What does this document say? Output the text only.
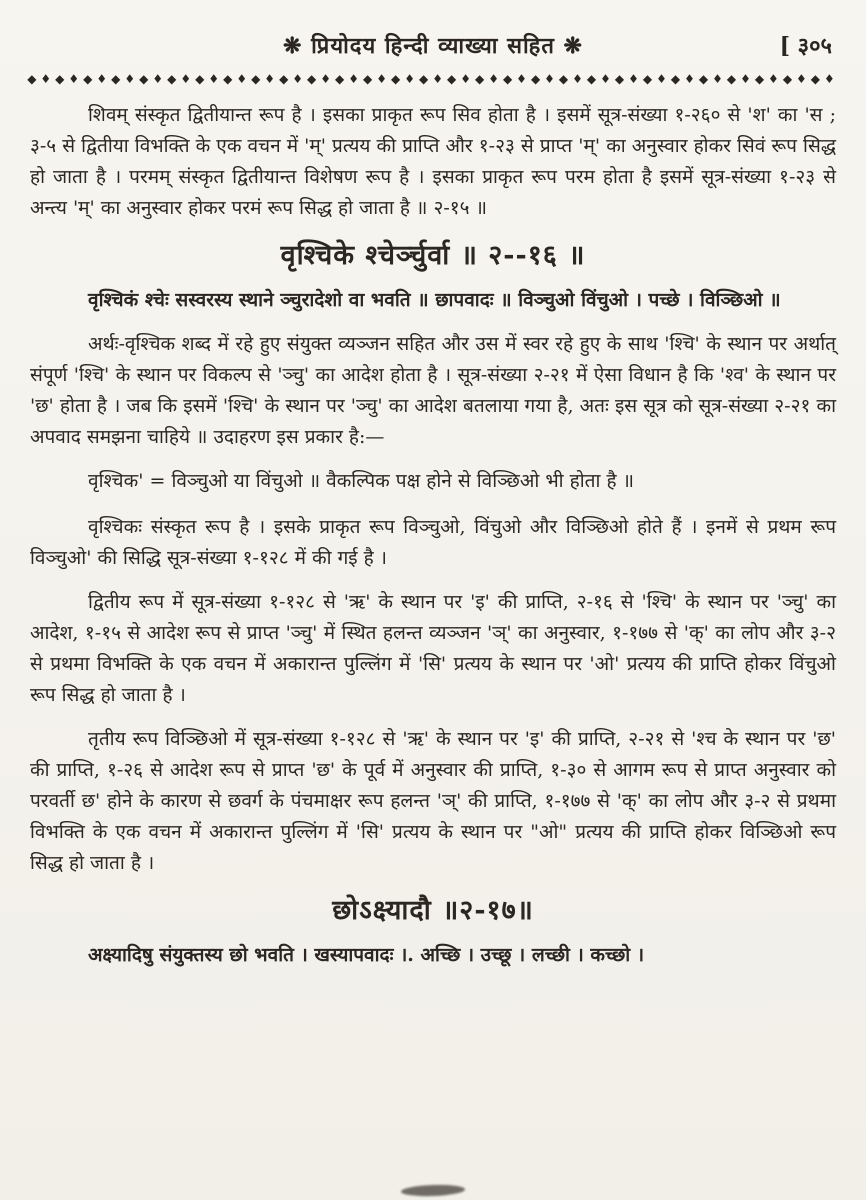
❋ प्रियोदय हिन्दी व्याख्या सहित ❋	[ ३०५
◆♦◆♦◆♦◆♦◆♦◆♦◆♦◆♦◆♦◆♦◆♦◆♦◆♦◆♦◆♦◆♦◆♦◆♦◆♦◆♦◆♦◆♦◆♦◆♦◆♦◆♦◆♦◆♦◆♦

शिवम् संस्कृत द्वितीयान्त रूप है । इसका प्राकृत रूप सिव होता है । इसमें सूत्र-संख्या १-२६० से 'श' का 'स ; ३-५ से द्वितीया विभक्ति के एक वचन में 'म्' प्रत्यय की प्राप्ति और १-२३ से प्राप्त 'म्' का अनुस्वार होकर सिवं रूप सिद्ध हो जाता है । परमम् संस्कृत द्वितीयान्त विशेषण रूप है । इसका प्राकृत रूप परम होता है इसमें सूत्र-संख्या १-२३ से अन्त्य 'म्' का अनुस्वार होकर परमं रूप सिद्ध हो जाता है ॥ २-१५ ॥

वृश्चिके श्चेर्ञ्चुर्वा ॥ २--१६ ॥

वृश्चिकं श्चेः सस्वरस्य स्थाने ञ्चुरादेशो वा भवति ॥ छापवादः ॥ विञ्चुओ विंचुओ । पच्छे । विञ्छिओ ॥

अर्थः-वृश्चिक शब्द में रहे हुए संयुक्त व्यञ्जन सहित और उस में स्वर रहे हुए के साथ 'श्चि' के स्थान पर अर्थात् संपूर्ण 'श्चि' के स्थान पर विकल्प से 'ञ्चु' का आदेश होता है । सूत्र-संख्या २-२१ में ऐसा विधान है कि 'श्व' के स्थान पर 'छ' होता है । जब कि इसमें 'श्चि' के स्थान पर 'ञ्चु' का आदेश बतलाया गया है, अतः इस सूत्र को सूत्र-संख्या २-२१ का अपवाद समझना चाहिये ॥ उदाहरण इस प्रकार है:—

वृश्चिक' = विञ्चुओ या विंचुओ ॥ वैकल्पिक पक्ष होने से विञ्छिओ भी होता है ॥

वृश्चिकः संस्कृत रूप है । इसके प्राकृत रूप विञ्चुओ, विंचुओ और विञ्छिओ होते हैं । इनमें से प्रथम रूप विञ्चुओ' की सिद्धि सूत्र-संख्या १-१२८ में की गई है ।

द्वितीय रूप में सूत्र-संख्या १-१२८ से 'ऋ' के स्थान पर 'इ' की प्राप्ति, २-१६ से 'श्चि' के स्थान पर 'ञ्चु' का आदेश, १-१५ से आदेश रूप से प्राप्त 'ञ्चु' में स्थित हलन्त व्यञ्जन 'ञ्' का अनुस्वार, १-१७७ से 'क्' का लोप और ३-२ से प्रथमा विभक्ति के एक वचन में अकारान्त पुल्लिंग में 'सि' प्रत्यय के स्थान पर 'ओ' प्रत्यय की प्राप्ति होकर विंचुओ रूप सिद्ध हो जाता है ।

तृतीय रूप विञ्छिओ में सूत्र-संख्या १-१२८ से 'ऋ' के स्थान पर 'इ' की प्राप्ति, २-२१ से 'श्च के स्थान पर 'छ' की प्राप्ति, १-२६ से आदेश रूप से प्राप्त 'छ' के पूर्व में अनुस्वार की प्राप्ति, १-३० से आगम रूप से प्राप्त अनुस्वार को परवर्ती छ' होने के कारण से छवर्ग के पंचमाक्षर रूप हलन्त 'ञ्' की प्राप्ति, १-१७७ से 'क्' का लोप और ३-२ से प्रथमा विभक्ति के एक वचन में अकारान्त पुल्लिंग में 'सि' प्रत्यय के स्थान पर "ओ" प्रत्यय की प्राप्ति होकर विञ्छिओ रूप सिद्ध हो जाता है ।

छोऽक्ष्यादौ ॥२-१७॥

अक्ष्यादिषु संयुक्तस्य छो भवति । खस्यापवादः ।. अच्छि । उच्छू । लच्छी । कच्छो ।
